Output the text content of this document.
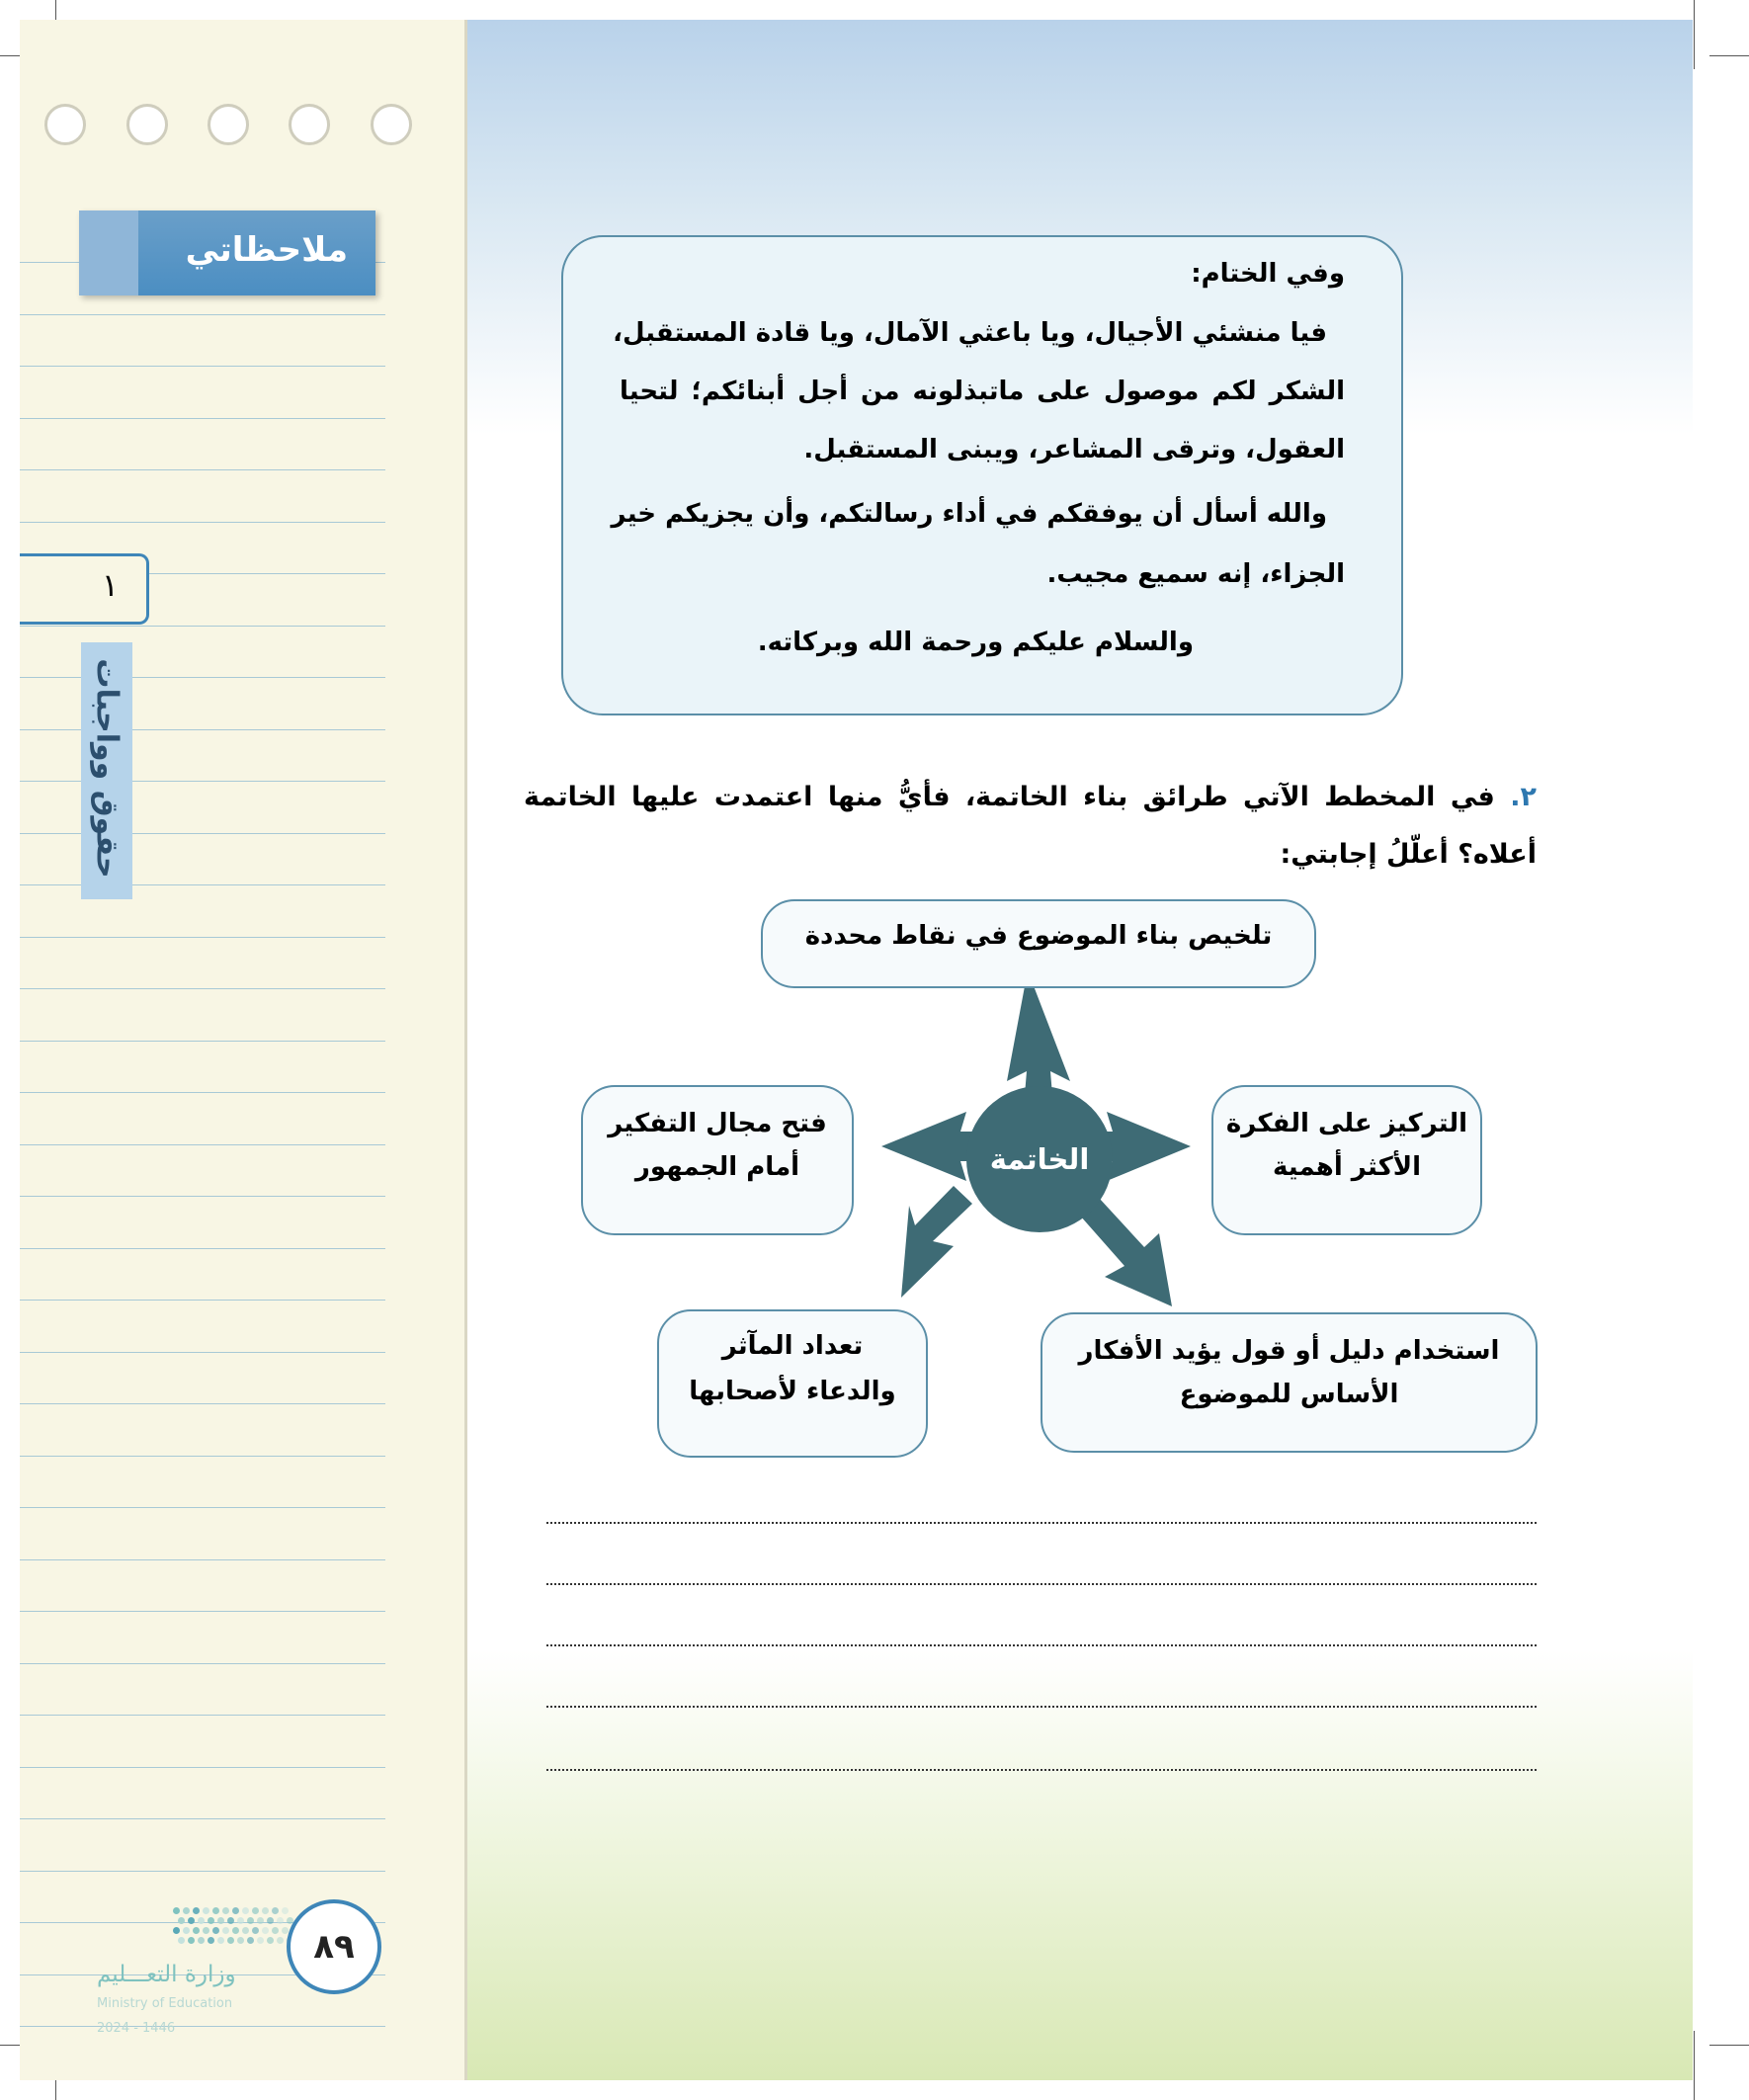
ملاحظاتي
١
حقوق وواجبات
وفي الختام:
فيا منشئي الأجيال، ويا باعثي الآمال، ويا قادة المستقبل،
الشكر لكم موصول على ماتبذلونه من أجل أبنائكم؛ لتحيا
العقول، وترقى المشاعر، ويبنى المستقبل.
والله أسأل أن يوفقكم في أداء رسالتكم، وأن يجزيكم خير
الجزاء، إنه سميع مجيب.
والسلام عليكم ورحمة الله وبركاته.
٢. في المخطط الآتي طرائق بناء الخاتمة، فأيُّ منها اعتمدت عليها الخاتمة
أعلاه؟ أعلّلُ إجابتي:
الخاتمة
تلخيص بناء الموضوع في نقاط محددة
التركيز على الفكرة
الأكثر أهمية
فتح مجال التفكير
أمام الجمهور
استخدام دليل أو قول يؤيد الأفكار
الأساس للموضوع
تعداد المآثر
والدعاء لأصحابها
٨٩
وزارة التعـــليم
Ministry of Education
2024 - 1446
